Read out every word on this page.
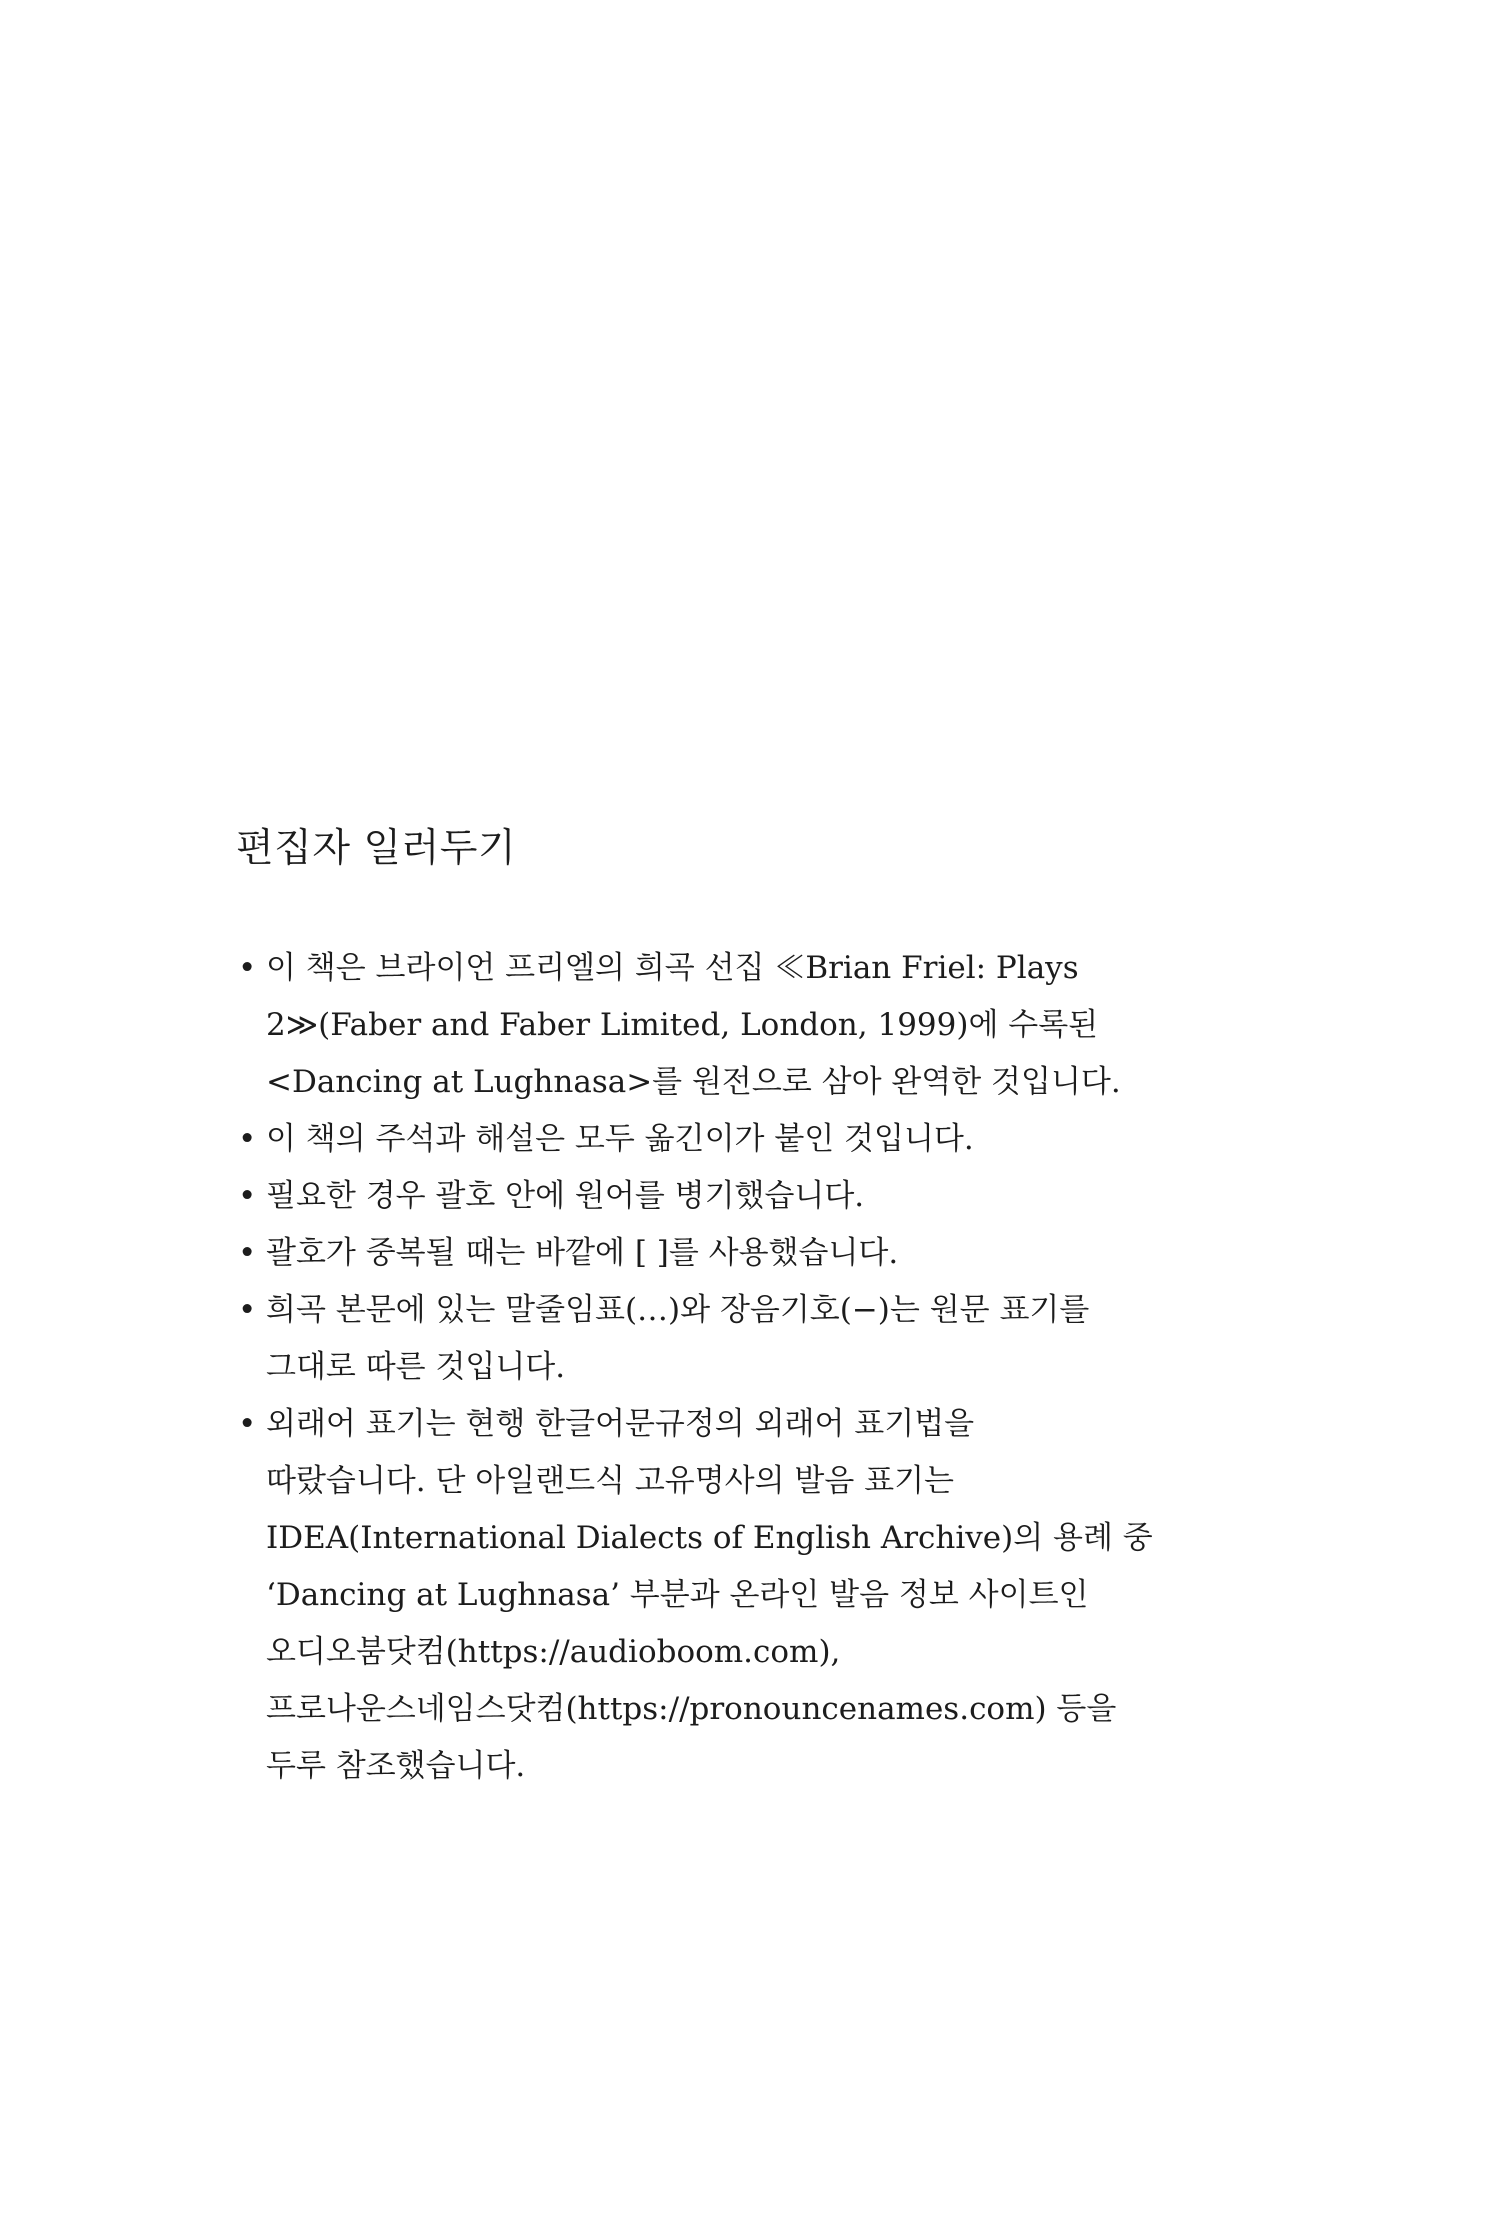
편집자 일러두기
• 이 책은 브라이언 프리엘의 희곡 선집 ≪Brian Friel: Plays
2≫(Faber and Faber Limited, London, 1999)에 수록된
<Dancing at Lughnasa>를 원전으로 삼아 완역한 것입니다.
• 이 책의 주석과 해설은 모두 옮긴이가 붙인 것입니다.
• 필요한 경우 괄호 안에 원어를 병기했습니다.
• 괄호가 중복될 때는 바깥에 [ ]를 사용했습니다.
• 희곡 본문에 있는 말줄임표(…)와 장음기호(−)는 원문 표기를
그대로 따른 것입니다.
• 외래어 표기는 현행 한글어문규정의 외래어 표기법을
따랐습니다. 단 아일랜드식 고유명사의 발음 표기는
IDEA(International Dialects of English Archive)의 용례 중
‘Dancing at Lughnasa’ 부분과 온라인 발음 정보 사이트인
오디오붐닷컴(https://audioboom.com),
프로나운스네임스닷컴(https://pronouncenames.com) 등을
두루 참조했습니다.
